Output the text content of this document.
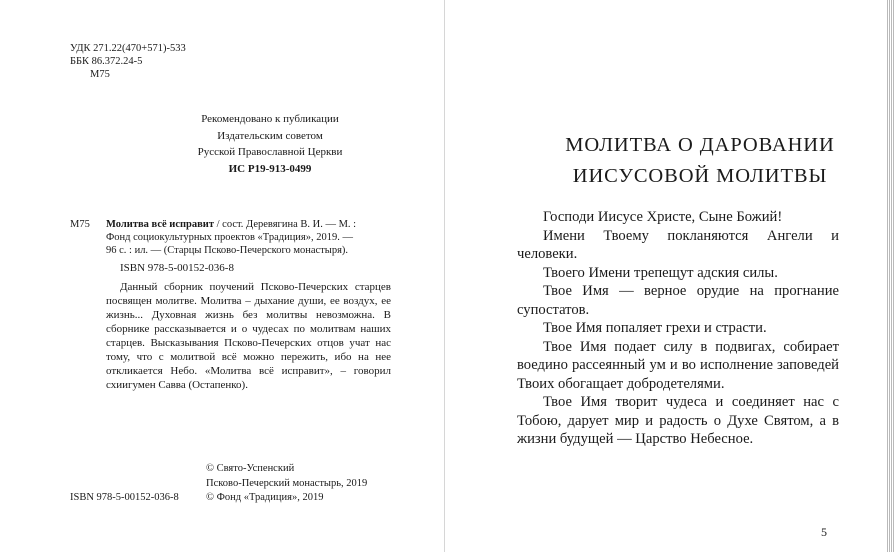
УДК 271.22(470+571)-533
ББК 86.372.24-5
М75
Рекомендовано к публикации
Издательским советом
Русской Православной Церкви
ИС Р19-913-0499
М75 Молитва всё исправит / сост. Деревягина В. И. — М. :
Фонд социокультурных проектов «Традиция», 2019. —
96 с. : ил. — (Старцы Псково-Печерского монастыря).
ISBN 978-5-00152-036-8

Данный сборник поучений Псково-Печерских старцев посвящен молитве. Молитва – дыхание души, ее воздух, ее жизнь... Духовная жизнь без молитвы невозможна. В сборнике рассказывается и о чудесах по молитвам наших старцев. Высказывания Псково-Печерских отцов учат нас тому, что с молитвой всё можно пережить, ибо на нее откликается Небо. «Молитва всё исправит», – говорил схиигумен Савва (Остапенко).

ISBN 978-5-00152-036-8
© Свято-Успенский
Псково-Печерский монастырь, 2019
© Фонд «Традиция», 2019
МОЛИТВА О ДАРОВАНИИ
ИИСУСОВОЙ МОЛИТВЫ

Господи Иисусе Христе, Сыне Божий!

Имени Твоему покланяются Ангели и человеки.

Твоего Имени трепещут адския силы.

Твое Имя — верное орудие на прогнание супостатов.

Твое Имя попаляет грехи и страсти.

Твое Имя подает силу в подвигах, собирает воедино рассеянный ум и во исполнение заповедей Твоих обогащает добродетелями.

Твое Имя творит чудеса и соединяет нас с Тобою, дарует мир и радость о Духе Святом, а в жизни будущей — Царство Небесное.

5
